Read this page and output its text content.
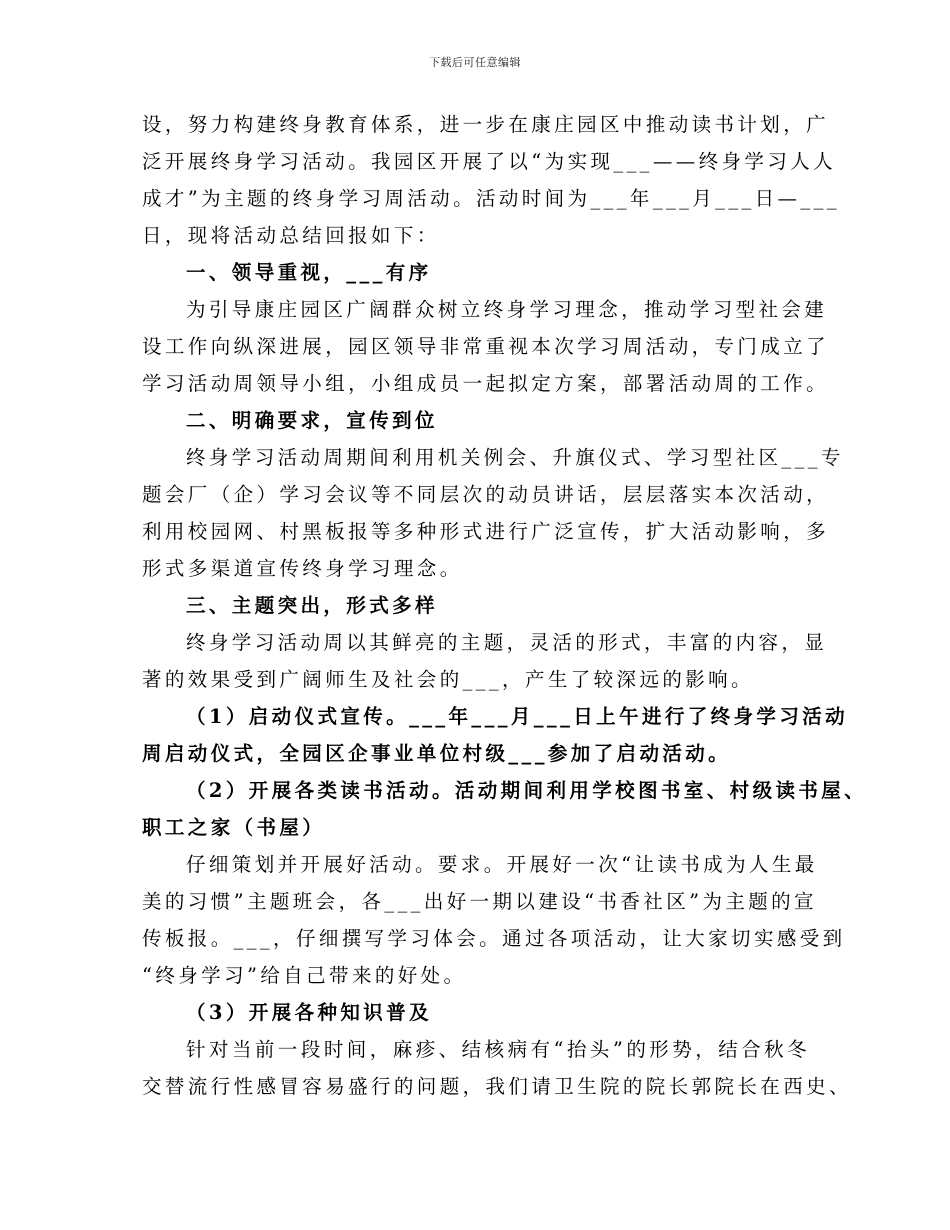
下载后可任意编辑
设，努力构建终身教育体系，进一步在康庄园区中推动读书计划，广
泛开展终身学习活动。我园区开展了以“为实现___——终身学习人人
成才”为主题的终身学习周活动。活动时间为___年___月___日—___
日，现将活动总结回报如下：
一、领导重视，___有序
为引导康庄园区广阔群众树立终身学习理念，推动学习型社会建
设工作向纵深进展，园区领导非常重视本次学习周活动，专门成立了
学习活动周领导小组，小组成员一起拟定方案，部署活动周的工作。
二、明确要求，宣传到位
终身学习活动周期间利用机关例会、升旗仪式、学习型社区___专
题会厂（企）学习会议等不同层次的动员讲话，层层落实本次活动，
利用校园网、村黑板报等多种形式进行广泛宣传，扩大活动影响，多
形式多渠道宣传终身学习理念。
三、主题突出，形式多样
终身学习活动周以其鲜亮的主题，灵活的形式，丰富的内容，显
著的效果受到广阔师生及社会的___，产生了较深远的影响。
（1）启动仪式宣传。___年___月___日上午进行了终身学习活动
周启动仪式，全园区企事业单位村级___参加了启动活动。
（2）开展各类读书活动。活动期间利用学校图书室、村级读书屋、
职工之家（书屋）
仔细策划并开展好活动。要求。开展好一次“让读书成为人生最
美的习惯”主题班会，各___出好一期以建设“书香社区”为主题的宣
传板报。___，仔细撰写学习体会。通过各项活动，让大家切实感受到
“终身学习”给自己带来的好处。
（3）开展各种知识普及
针对当前一段时间，麻疹、结核病有“抬头”的形势，结合秋冬
交替流行性感冒容易盛行的问题，我们请卫生院的院长郭院长在西史、
